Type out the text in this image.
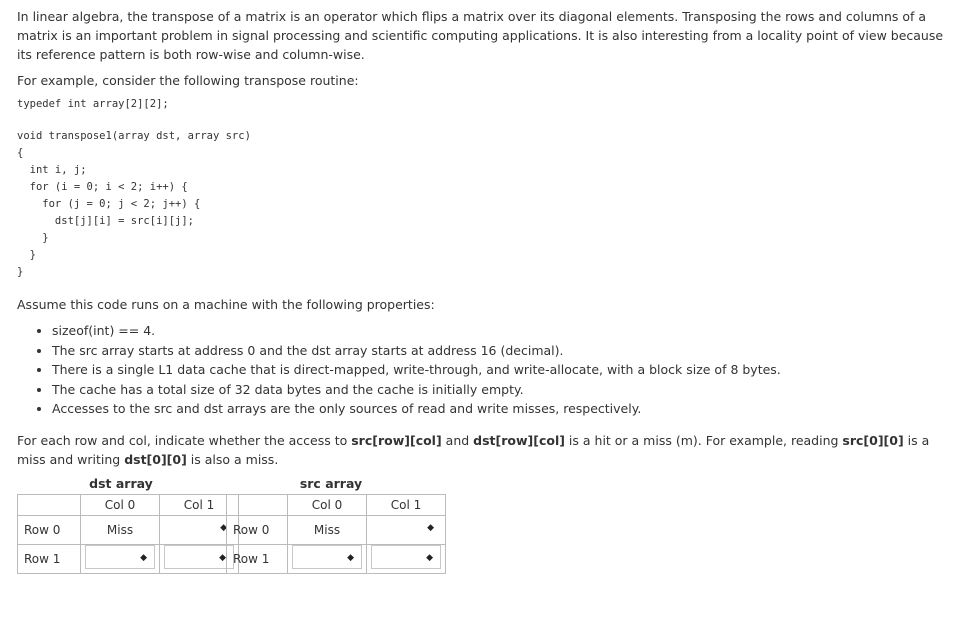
In linear algebra, the transpose of a matrix is an operator which flips a matrix over its diagonal elements. Transposing the rows and columns of a matrix is an important problem in signal processing and scientific computing applications. It is also interesting from a locality point of view because its reference pattern is both row-wise and column-wise.

For example, consider the following transpose routine:

typedef int array[2][2];
void transpose1(array dst, array src)
{
int i, j;
for (i = 0; i < 2; i++) {
for (j = 0; j < 2; j++) {
dst[j][i] = src[i][j];
}
}
}

Assume this code runs on a machine with the following properties:

• sizeof(int) == 4.
• The src array starts at address 0 and the dst array starts at address 16 (decimal).
• There is a single L1 data cache that is direct-mapped, write-through, and write-allocate, with a block size of 8 bytes.
• The cache has a total size of 32 data bytes and the cache is initially empty.
• Accesses to the src and dst arrays are the only sources of read and write misses, respectively.

For each row and col, indicate whether the access to src[row][col] and dst[row][col] is a hit or a miss (m). For example, reading src[0][0] is a miss and writing dst[0][0] is also a miss.

dst array	src array
	Col 0	Col 1
Row 0	Miss	◆

Row 1	◆	◆
	Col 0	Col 1
Row 0	Miss	◆

Row 1	◆	◆
